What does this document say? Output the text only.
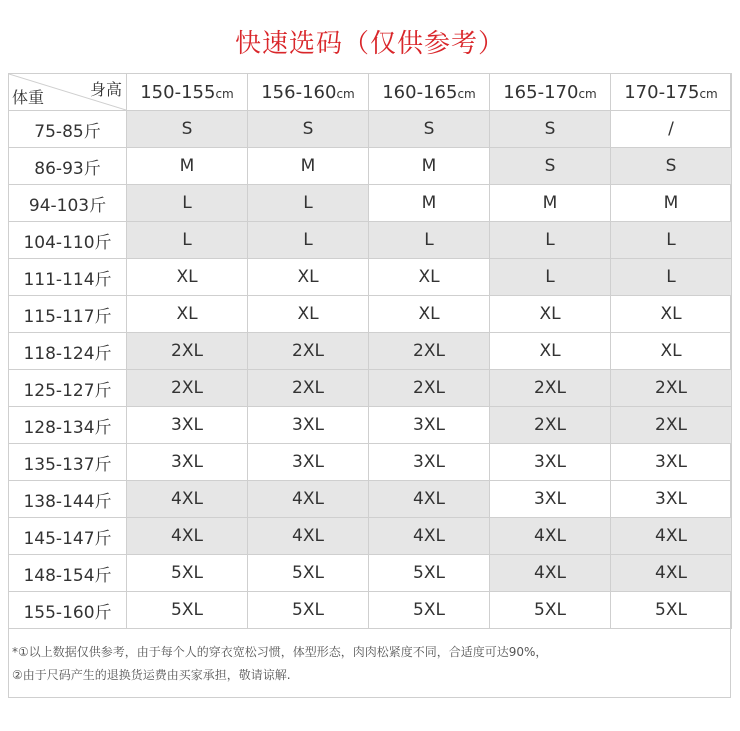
快速选码（仅供参考）
身高
体重	150-155cm	156-160cm	160-165cm	165-170cm	170-175cm
75-85斤	S	S	S	S	/
86-93斤	M	M	M	S	S
94-103斤	L	L	M	M	M
104-110斤	L	L	L	L	L
111-114斤	XL	XL	XL	L	L
115-117斤	XL	XL	XL	XL	XL
118-124斤	2XL	2XL	2XL	XL	XL
125-127斤	2XL	2XL	2XL	2XL	2XL
128-134斤	3XL	3XL	3XL	2XL	2XL
135-137斤	3XL	3XL	3XL	3XL	3XL
138-144斤	4XL	4XL	4XL	3XL	3XL
145-147斤	4XL	4XL	4XL	4XL	4XL
148-154斤	5XL	5XL	5XL	4XL	4XL
155-160斤	5XL	5XL	5XL	5XL	5XL
*①以上数据仅供参考，由于每个人的穿衣宽松习惯，体型形态，肉肉松紧度不同，合适度可达90%，
②由于尺码产生的退换货运费由买家承担，敬请谅解.
